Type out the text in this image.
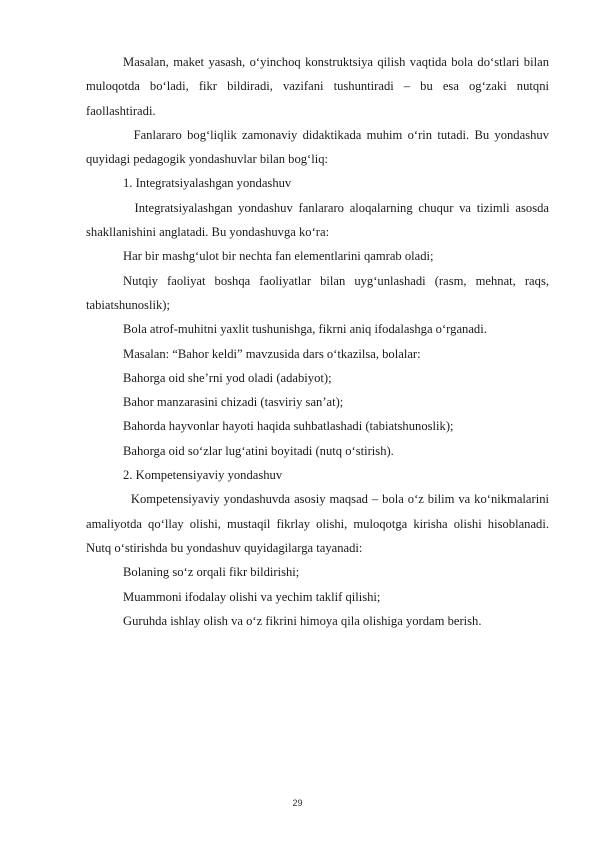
Masalan, maket yasash, o‘yinchoq konstruktsiya qilish vaqtida bola do‘stlari bilan muloqotda bo‘ladi, fikr bildiradi, vazifani tushuntiradi – bu esa og‘zaki nutqni faollashtiradi.

Fanlararo bog‘liqlik zamonaviy didaktikada muhim o‘rin tutadi. Bu yondashuv quyidagi pedagogik yondashuvlar bilan bog‘liq:

1. Integratsiyalashgan yondashuv

Integratsiyalashgan yondashuv fanlararo aloqalarning chuqur va tizimli asosda shakllanishini anglatadi. Bu yondashuvga ko‘ra:

Har bir mashg‘ulot bir nechta fan elementlarini qamrab oladi;

Nutqiy faoliyat boshqa faoliyatlar bilan uyg‘unlashadi (rasm, mehnat, raqs, tabiatshunoslik);

Bola atrof-muhitni yaxlit tushunishga, fikrni aniq ifodalashga o‘rganadi.

Masalan: “Bahor keldi” mavzusida dars o‘tkazilsa, bolalar:

Bahorga oid she’rni yod oladi (adabiyot);

Bahor manzarasini chizadi (tasviriy san’at);

Bahorda hayvonlar hayoti haqida suhbatlashadi (tabiatshunoslik);

Bahorga oid so‘zlar lug‘atini boyitadi (nutq o‘stirish).

2. Kompetensiyaviy yondashuv

Kompetensiyaviy yondashuvda asosiy maqsad – bola o‘z bilim va ko‘nikmalarini amaliyotda qo‘llay olishi, mustaqil fikrlay olishi, muloqotga kirisha olishi hisoblanadi. Nutq o‘stirishda bu yondashuv quyidagilarga tayanadi:

Bolaning so‘z orqali fikr bildirishi;

Muammoni ifodalay olishi va yechim taklif qilishi;

Guruhda ishlay olish va o‘z fikrini himoya qila olishiga yordam berish.

29
